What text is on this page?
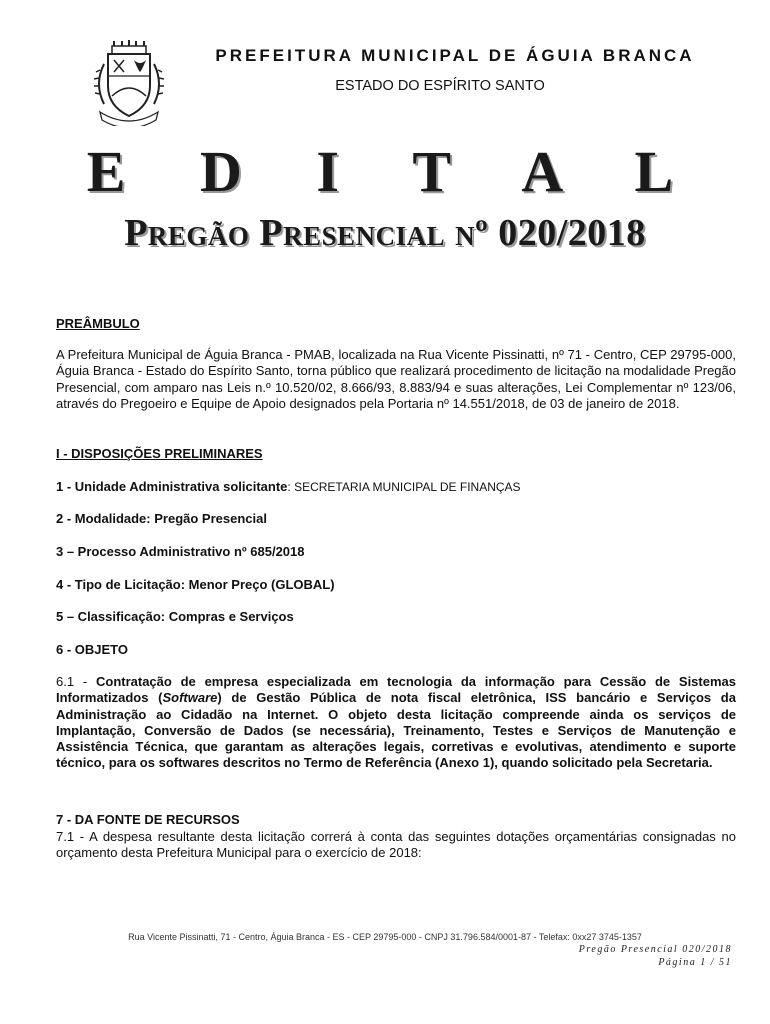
PREFEITURA MUNICIPAL DE ÁGUIA BRANCA
ESTADO DO ESPÍRITO SANTO
E D I T A L
Pregão Presencial nº 020/2018
PREÂMBULO
A Prefeitura Municipal de Águia Branca - PMAB, localizada na Rua Vicente Pissinatti, nº 71 - Centro, CEP 29795-000, Águia Branca - Estado do Espírito Santo, torna público que realizará procedimento de licitação na modalidade Pregão Presencial, com amparo nas Leis n.º 10.520/02, 8.666/93, 8.883/94 e suas alterações, Lei Complementar nº 123/06, através do Pregoeiro e Equipe de Apoio designados pela Portaria nº 14.551/2018, de 03 de janeiro de 2018.
I - DISPOSIÇÕES PRELIMINARES
1 - Unidade Administrativa solicitante: SECRETARIA MUNICIPAL DE FINANÇAS
2 - Modalidade: Pregão Presencial
3 – Processo Administrativo nº 685/2018
4 - Tipo de Licitação: Menor Preço (GLOBAL)
5 – Classificação: Compras e Serviços
6 - OBJETO
6.1 - Contratação de empresa especializada em tecnologia da informação para Cessão de Sistemas Informatizados (Software) de Gestão Pública de nota fiscal eletrônica, ISS bancário e Serviços da Administração ao Cidadão na Internet. O objeto desta licitação compreende ainda os serviços de Implantação, Conversão de Dados (se necessária), Treinamento, Testes e Serviços de Manutenção e Assistência Técnica, que garantam as alterações legais, corretivas e evolutivas, atendimento e suporte técnico, para os softwares descritos no Termo de Referência (Anexo 1), quando solicitado pela Secretaria.
7 - DA FONTE DE RECURSOS
7.1 - A despesa resultante desta licitação correrá à conta das seguintes dotações orçamentárias consignadas no orçamento desta Prefeitura Municipal para o exercício de 2018:
Rua Vicente Pissinatti, 71 - Centro, Águia Branca - ES - CEP 29795-000 - CNPJ 31.796.584/0001-87 - Telefax: 0xx27 3745-1357
Pregão Presencial 020/2018
Página 1 / 51
